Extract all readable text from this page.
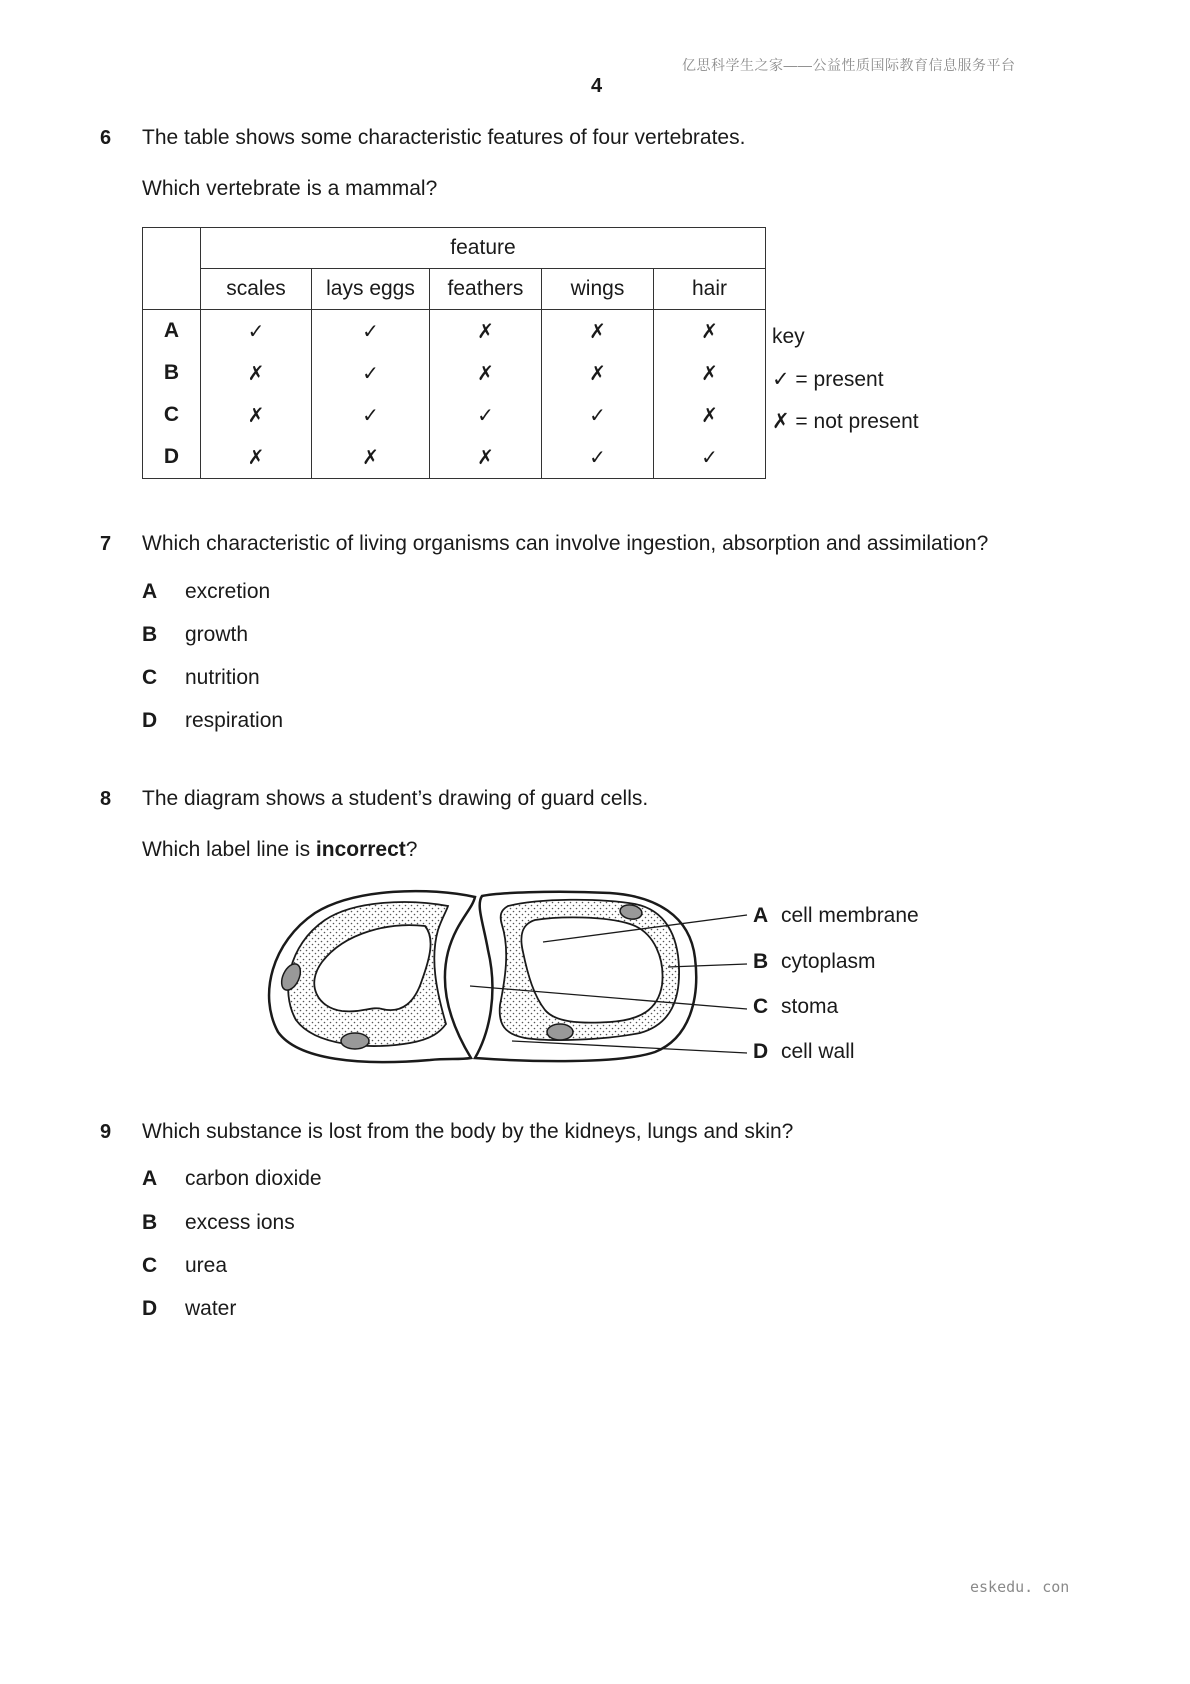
亿思科学生之家——公益性质国际教育信息服务平台
4
6 The table shows some characteristic features of four vertebrates.
Which vertebrate is a mammal?
	feature				
	scales	lays eggs	feathers	wings	hair
A	✓	✓	✗	✗	✗
B	✗	✓	✗	✗	✗
C	✗	✓	✓	✓	✗
D	✗	✗	✗	✓	✓
key
✓ = present
✗ = not present
7 Which characteristic of living organisms can involve ingestion, absorption and assimilation?
A excretion
B growth
C nutrition
D respiration
8 The diagram shows a student’s drawing of guard cells.
Which label line is incorrect?
A cell membrane
B cytoplasm
C stoma
D cell wall
9 Which substance is lost from the body by the kidneys, lungs and skin?
A carbon dioxide
B excess ions
C urea
D water
eskedu. con
